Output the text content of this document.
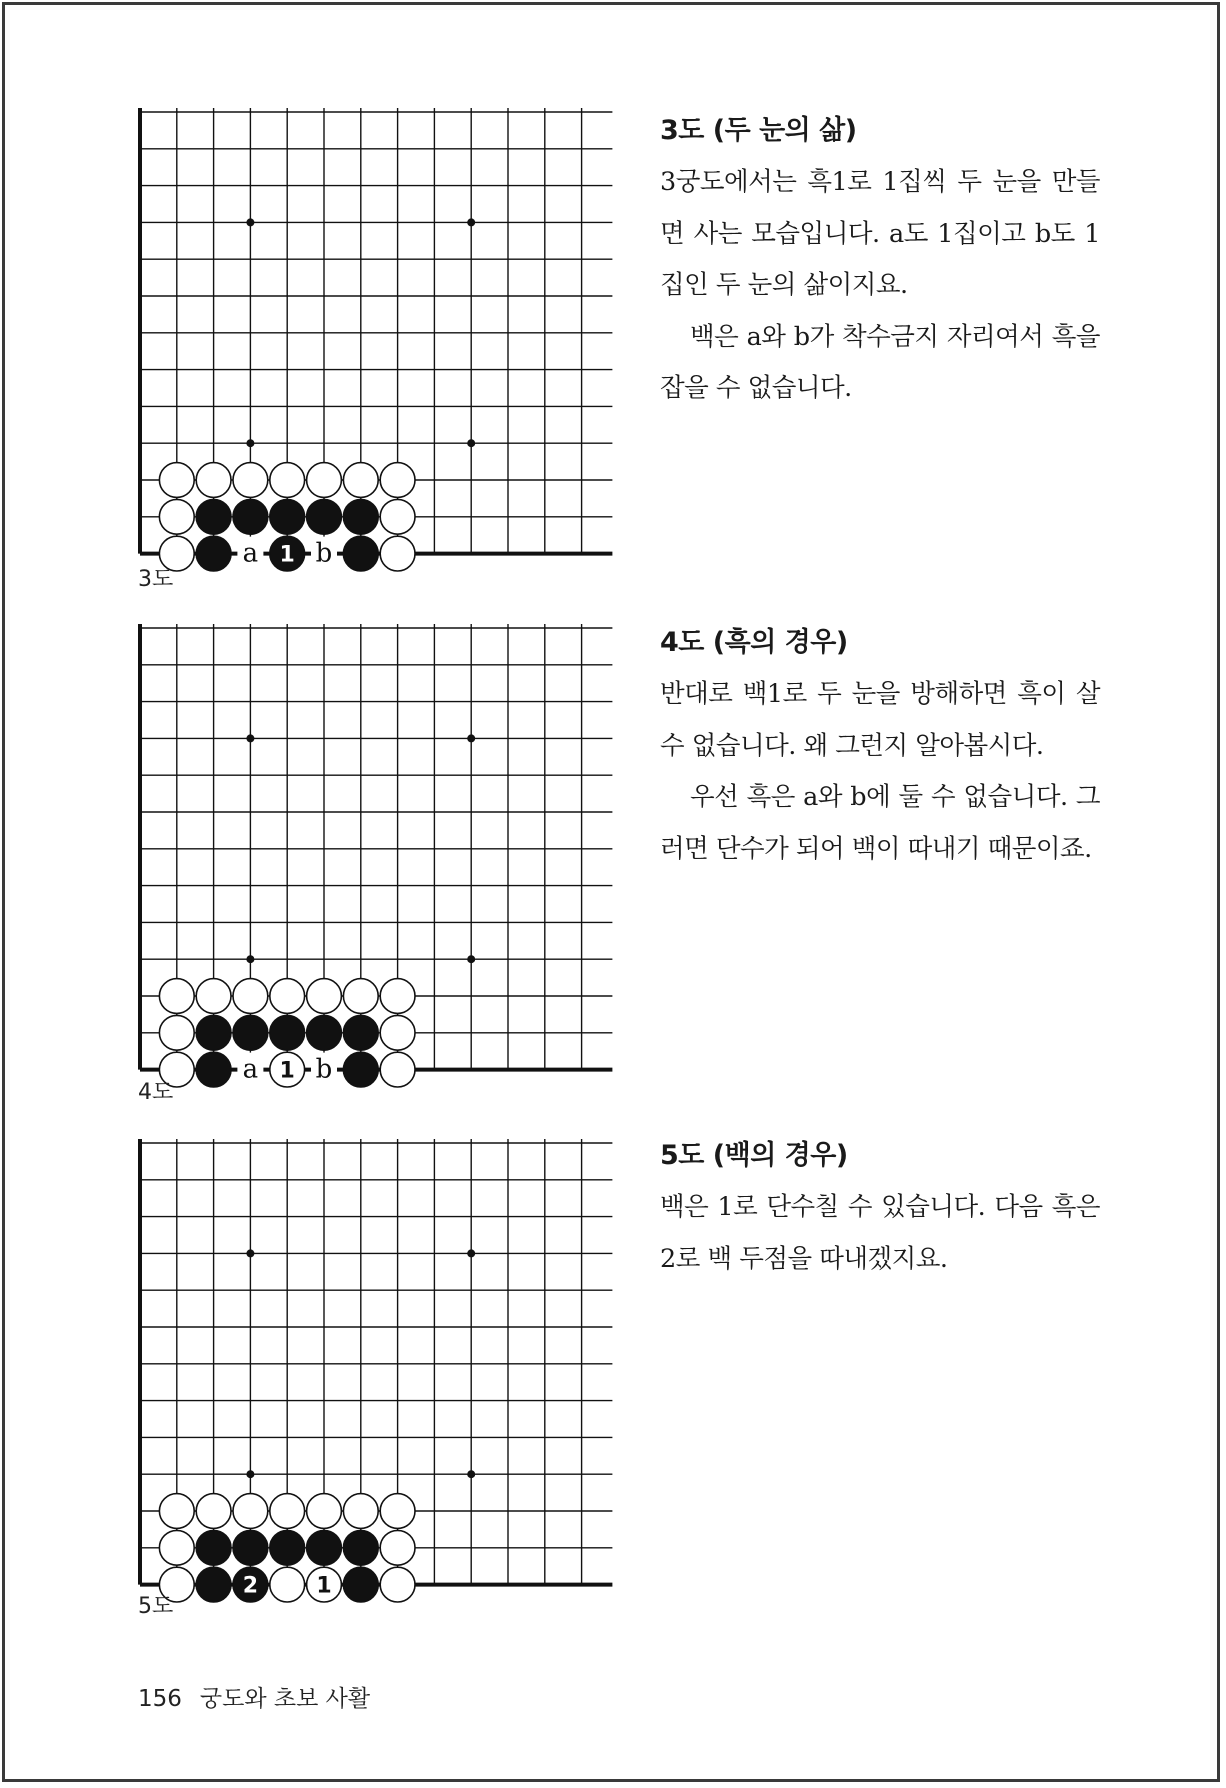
1
a b
3도
3도 (두 눈의 삶)

3궁도에서는 흑1로 1집씩 두 눈을 만들면 사는 모습입니다. a도 1집이고 b도 1집인 두 눈의 삶이지요.

백은 a와 b가 착수금지 자리여서 흑을 잡을 수 없습니다.

1
a b
4도
4도 (흑의 경우)

반대로 백1로 두 눈을 방해하면 흑이 살 수 없습니다. 왜 그런지 알아봅시다.

우선 흑은 a와 b에 둘 수 없습니다. 그러면 단수가 되어 백이 따내기 때문이죠.

2	1
5도
5도 (백의 경우)

백은 1로 단수칠 수 있습니다. 다음 흑은 2로 백 두점을 따내겠지요.

156 궁도와 초보 사활
